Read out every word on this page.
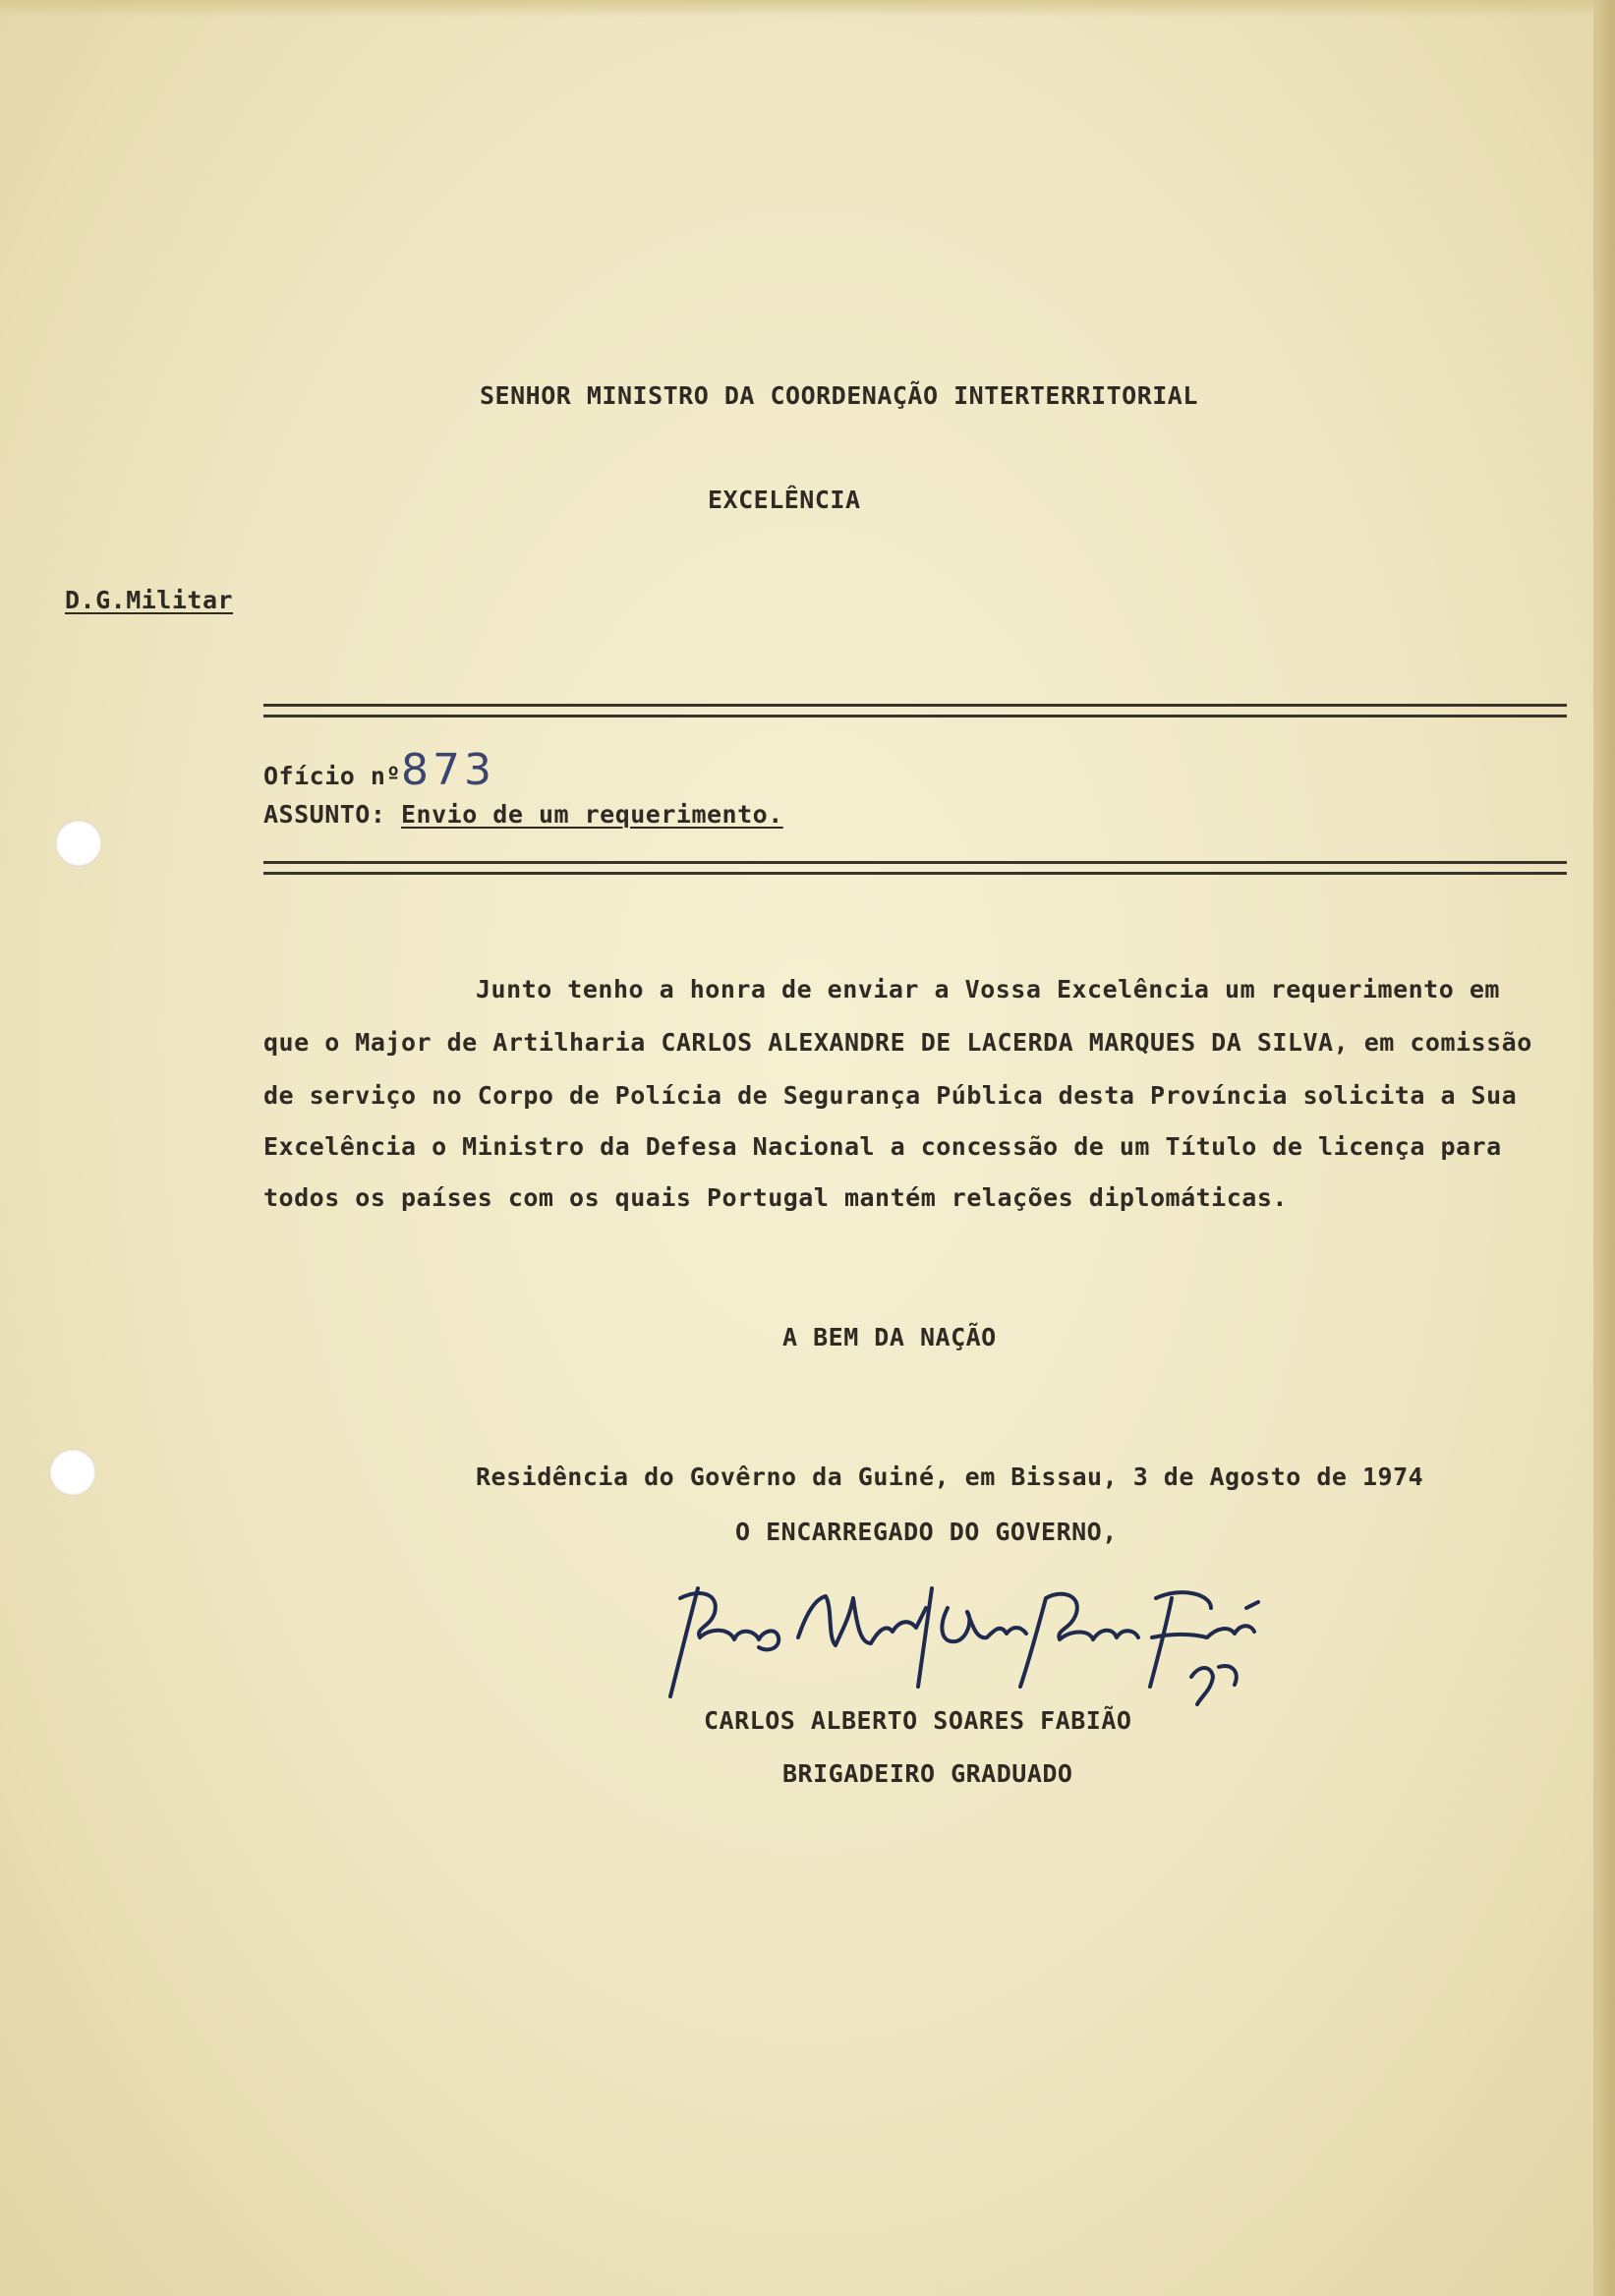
SENHOR MINISTRO DA COORDENAÇÃO INTERTERRITORIAL
EXCELÊNCIA
D.G.Militar
Ofício nº873
ASSUNTO: Envio de um requerimento.
Junto tenho a honra de enviar a Vossa Excelência um requerimento em
que o Major de Artilharia CARLOS ALEXANDRE DE LACERDA MARQUES DA SILVA, em comissão
de serviço no Corpo de Polícia de Segurança Pública desta Província solicita a Sua
Excelência o Ministro da Defesa Nacional a concessão de um Título de licença para
todos os países com os quais Portugal mantém relações diplomáticas.
A BEM DA NAÇÃO
Residência do Govêrno da Guiné, em Bissau, 3 de Agosto de 1974
O ENCARREGADO DO GOVERNO,
CARLOS ALBERTO SOARES FABIÃO
BRIGADEIRO GRADUADO
